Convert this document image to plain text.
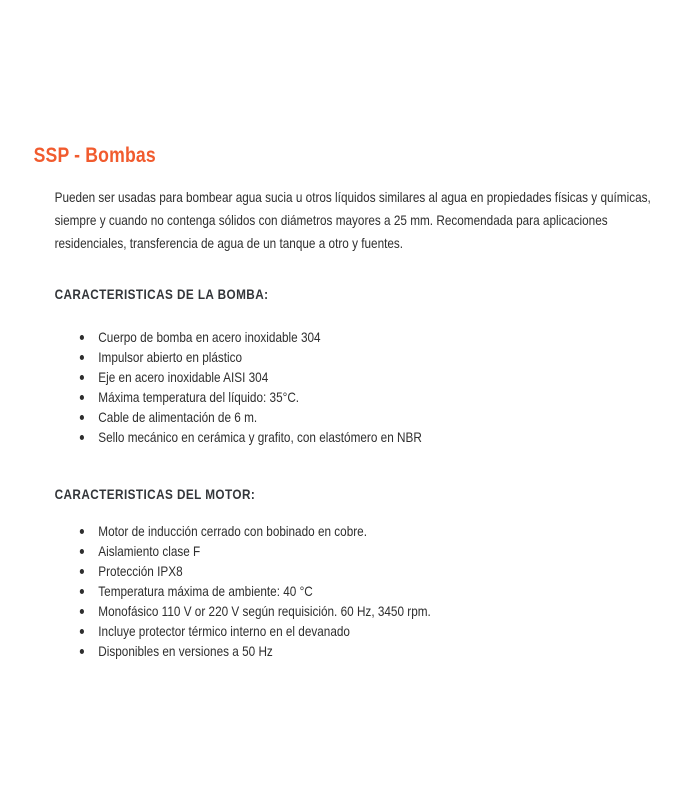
SSP - Bombas

Pueden ser usadas para bombear agua sucia u otros líquidos similares al agua en propiedades físicas y químicas, siempre y cuando no contenga sólidos con diámetros mayores a 25 mm. Recomendada para aplicaciones residenciales, transferencia de agua de un tanque a otro y fuentes.

CARACTERISTICAS DE LA BOMBA:
Cuerpo de bomba en acero inoxidable 304
Impulsor abierto en plástico
Eje en acero inoxidable AISI 304
Máxima temperatura del líquido: 35°C.
Cable de alimentación de 6 m.
Sello mecánico en cerámica y grafito, con elastómero en NBR
CARACTERISTICAS DEL MOTOR:
Motor de inducción cerrado con bobinado en cobre.
Aislamiento clase F
Protección IPX8
Temperatura máxima de ambiente: 40 °C
Monofásico 110 V or 220 V según requisición. 60 Hz, 3450 rpm.
Incluye protector térmico interno en el devanado
Disponibles en versiones a 50 Hz
